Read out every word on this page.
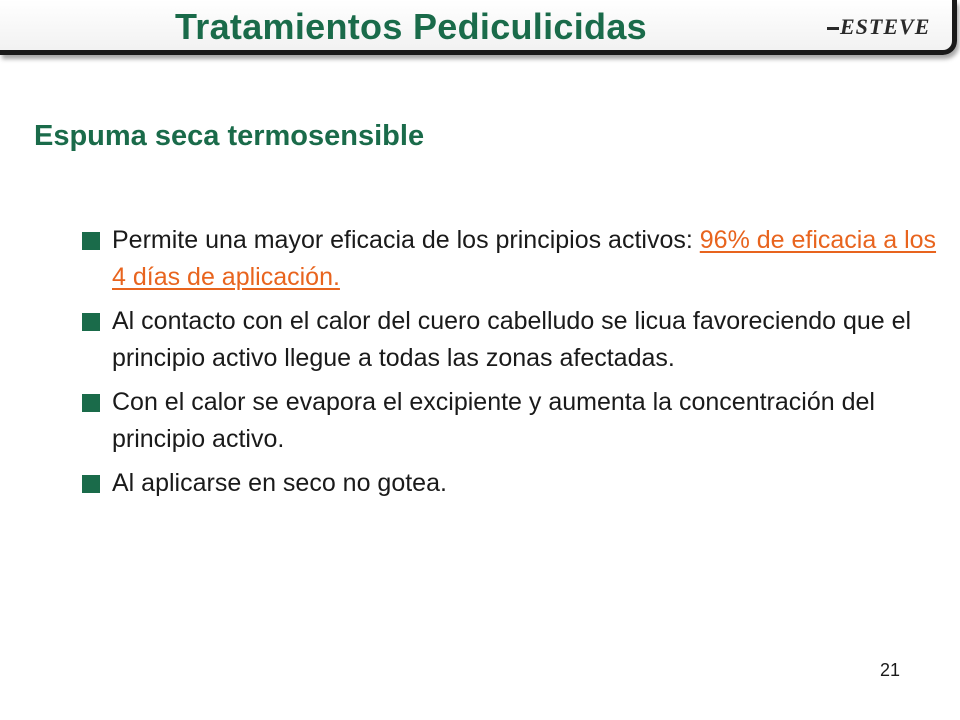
Tratamientos Pediculicidas	ESTEVE
Espuma seca termosensible
Permite una mayor eficacia de los principios activos: 96% de eficacia a los 4 días de aplicación.
Al contacto con el calor del cuero cabelludo se licua favoreciendo que el principio activo llegue a todas las zonas afectadas.
Con el calor se evapora el excipiente y aumenta la concentración del principio activo.
Al aplicarse en seco no gotea.
21
